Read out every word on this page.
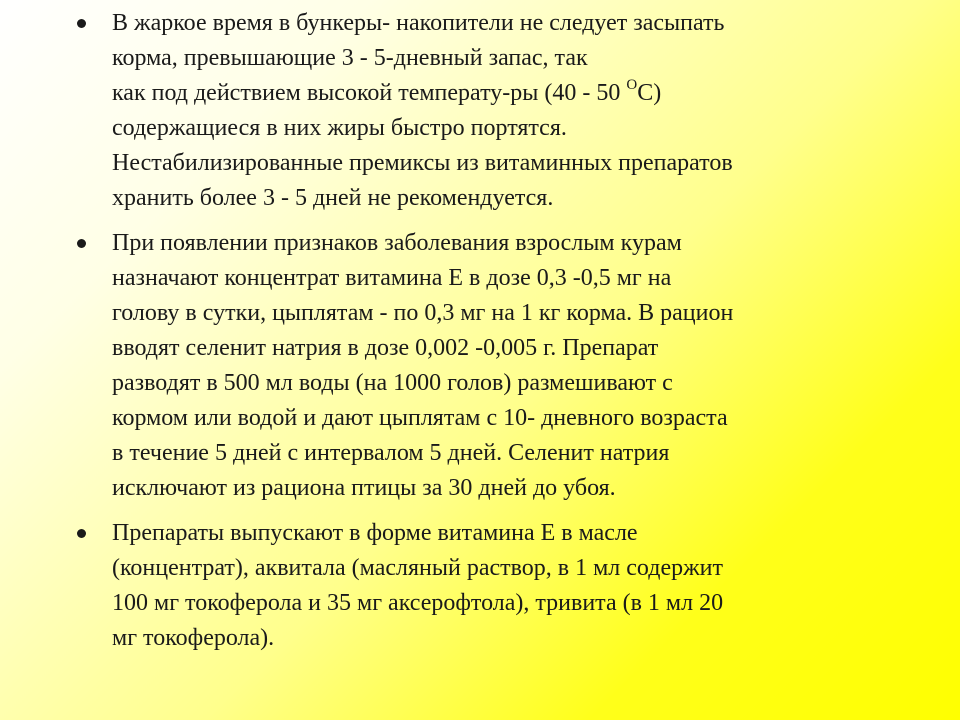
В жаркое время в бункеры- накопители не следует засыпать
корма, превышающие 3 - 5-дневный запас, так
как под действием высокой температу-ры (40 - 50 $^О$С)
содержащиеся в них жиры быстро портятся.
Нестабилизированные премиксы из витаминных препаратов
хранить более 3 - 5 дней не рекомендуется.
При появлении признаков заболевания взрослым курам
назначают концентрат витамина Е в дозе 0,3 -0,5 мг на
голову в сутки, цыплятам - по 0,3 мг на 1 кг корма. В рацион
вводят селенит натрия в дозе 0,002 -0,005 г. Препарат
разводят в 500 мл воды (на 1000 голов) размешивают с
кормом или водой и дают цыплятам с 10- дневного возраста
в течение 5 дней с интервалом 5 дней. Селенит натрия
исключают из рациона птицы за 30 дней до убоя.
Препараты выпускают в форме витамина Е в масле
(концентрат), аквитала (масляный раствор, в 1 мл содержит
100 мг токоферола и 35 мг аксерофтола), тривита (в 1 мл 20
мг токоферола).
